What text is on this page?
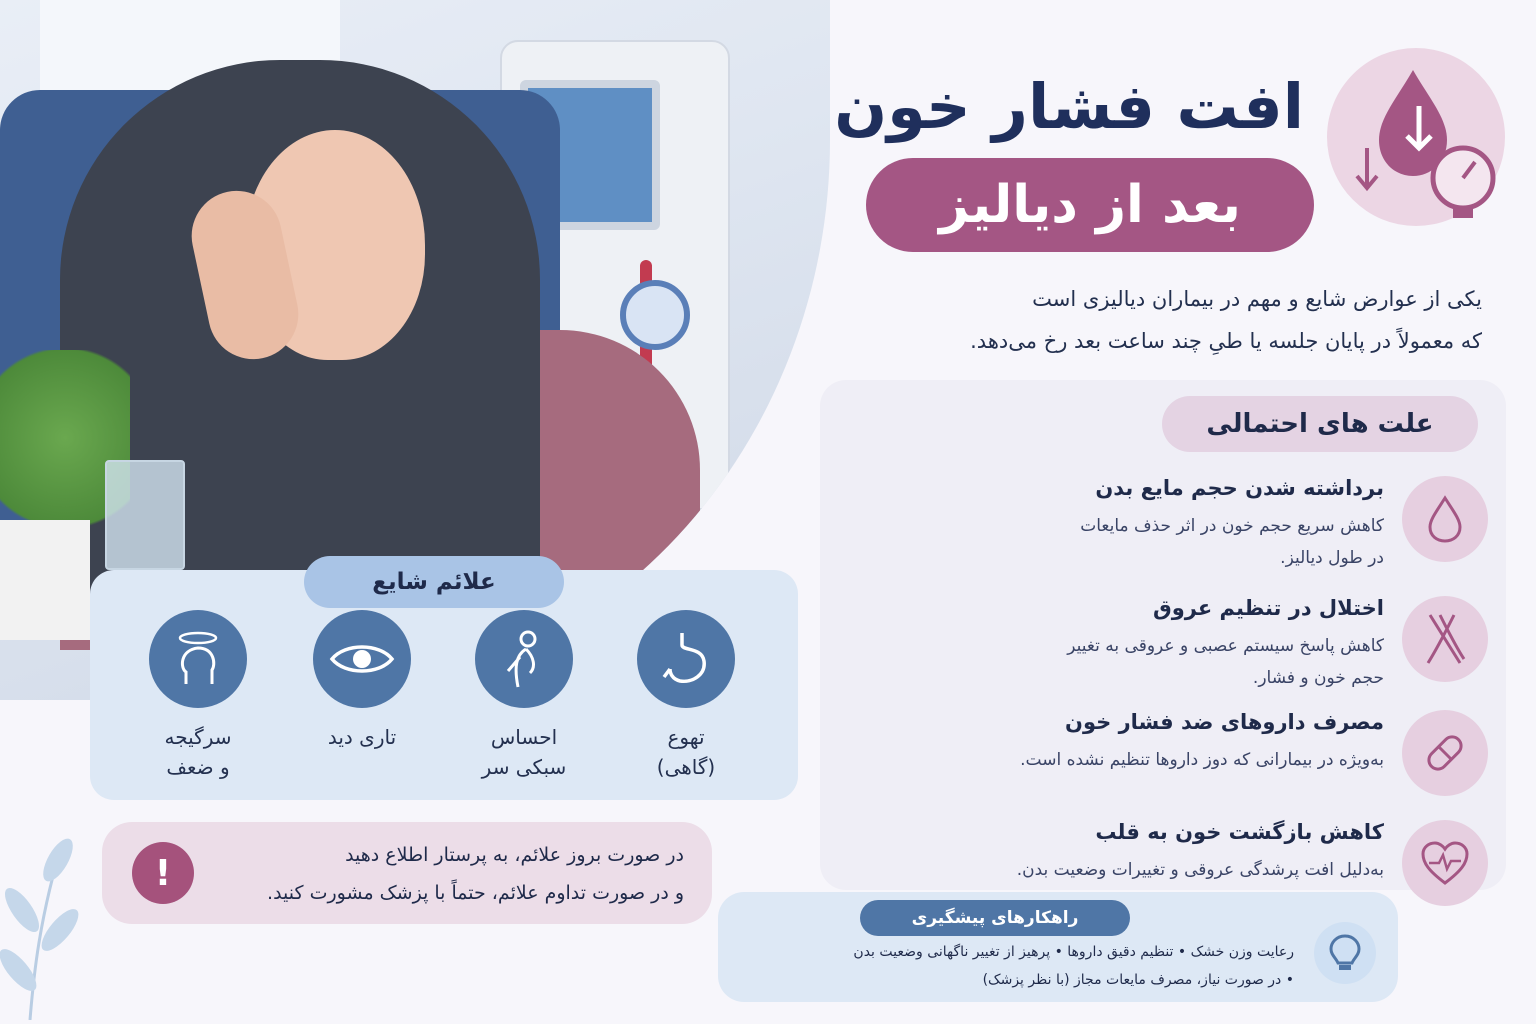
افت فشار خون
بعد از دیالیز
یکی از عوارض شایع و مهم در بیماران دیالیزی است
که معمولاً در پایان جلسه یا طیِ چند ساعت بعد رخ می‌دهد.
علت های احتمالی
برداشته شدن حجم مایع بدن
کاهش سریع حجم خون در اثر حذف مایعات
در طول دیالیز.
اختلال در تنظیم عروق
کاهش پاسخ سیستم عصبی و عروقی به تغییر
حجم خون و فشار.
مصرف داروهای ضد فشار خون
به‌ویژه در بیمارانی که دوز داروها تنظیم نشده است.
کاهش بازگشت خون به قلب
به‌دلیل افت پرشدگی عروقی و تغییرات وضعیت بدن.
علائم شایع
سرگیجه
و ضعف
تاری دید	احساس
سبکی سر
تهوع
(گاهی)
!	در صورت بروز علائم، به پرستار اطلاع دهید
و در صورت تداوم علائم، حتماً با پزشک مشورت کنید.
رعایت وزن خشک • تنظیم دقیق داروها • پرهیز از تغییر ناگهانی وضعیت بدن
• در صورت نیاز، مصرف مایعات مجاز (با نظر پزشک)
راهکارهای پیشگیری
